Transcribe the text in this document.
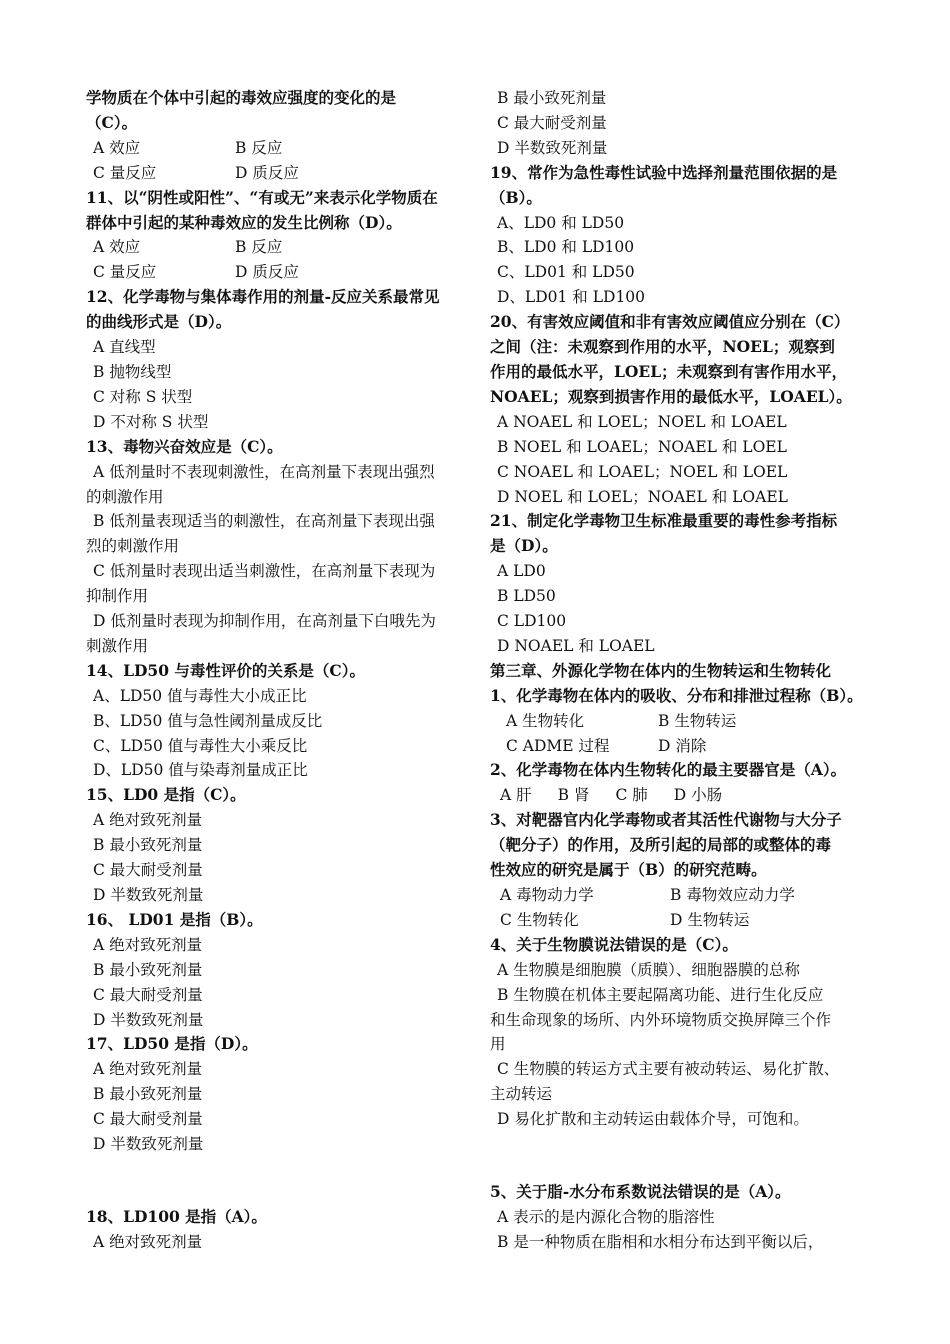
学物质在个体中引起的毒效应强度的变化的是
（C）。
A 效应	B 反应
C 量反应	D 质反应
11、以“阴性或阳性”、“有或无”来表示化学物质在
群体中引起的某种毒效应的发生比例称（D）。
A 效应	B 反应
C 量反应	D 质反应
12、化学毒物与集体毒作用的剂量-反应关系最常见
的曲线形式是（D）。
A 直线型
B 抛物线型
C 对称 S 状型
D 不对称 S 状型
13、毒物兴奋效应是（C）。
A 低剂量时不表现刺激性，在高剂量下表现出强烈
的刺激作用
B 低剂量表现适当的刺激性，在高剂量下表现出强
烈的刺激作用
C 低剂量时表现出适当刺激性，在高剂量下表现为
抑制作用
D 低剂量时表现为抑制作用，在高剂量下白哦先为
刺激作用
14、LD50 与毒性评价的关系是（C）。
A、LD50 值与毒性大小成正比
B、LD50 值与急性阈剂量成反比
C、LD50 值与毒性大小乘反比
D、LD50 值与染毒剂量成正比
15、LD0 是指（C）。
A 绝对致死剂量
B 最小致死剂量
C 最大耐受剂量
D 半数致死剂量
16、 LD01 是指（B）。
A 绝对致死剂量
B 最小致死剂量
C 最大耐受剂量
D 半数致死剂量
17、LD50 是指（D）。
A 绝对致死剂量
B 最小致死剂量
C 最大耐受剂量
D 半数致死剂量
18、LD100 是指（A）。
A 绝对致死剂量
B 最小致死剂量
C 最大耐受剂量
D 半数致死剂量
19、常作为急性毒性试验中选择剂量范围依据的是
（B）。
A、LD0 和 LD50
B、LD0 和 LD100
C、LD01 和 LD50
D、LD01 和 LD100
20、有害效应阈值和非有害效应阈值应分别在（C）
之间（注：未观察到作用的水平，NOEL；观察到
作用的最低水平，LOEL；未观察到有害作用水平，
NOAEL；观察到损害作用的最低水平，LOAEL）。
A NOAEL 和 LOEL；NOEL 和 LOAEL
B NOEL 和 LOAEL；NOAEL 和 LOEL
C NOAEL 和 LOAEL；NOEL 和 LOEL
D NOEL 和 LOEL；NOAEL 和 LOAEL
21、制定化学毒物卫生标准最重要的毒性参考指标
是（D）。
A LD0
B LD50
C LD100
D NOAEL 和 LOAEL
第三章、外源化学物在体内的生物转运和生物转化
1、化学毒物在体内的吸收、分布和排泄过程称（B）。
A 生物转化	B 生物转运
C ADME 过程	D 消除
2、化学毒物在体内生物转化的最主要器官是（A）。
A 肝 B 肾 C 肺 D 小肠
3、对靶器官内化学毒物或者其活性代谢物与大分子
（靶分子）的作用，及所引起的局部的或整体的毒
性效应的研究是属于（B）的研究范畴。
A 毒物动力学	B 毒物效应动力学
C 生物转化	D 生物转运
4、关于生物膜说法错误的是（C）。
A 生物膜是细胞膜（质膜）、细胞器膜的总称
B 生物膜在机体主要起隔离功能、进行生化反应
和生命现象的场所、内外环境物质交换屏障三个作
用
C 生物膜的转运方式主要有被动转运、易化扩散、
主动转运
D 易化扩散和主动转运由载体介导，可饱和。
5、关于脂-水分布系数说法错误的是（A）。
A 表示的是内源化合物的脂溶性
B 是一种物质在脂相和水相分布达到平衡以后，
